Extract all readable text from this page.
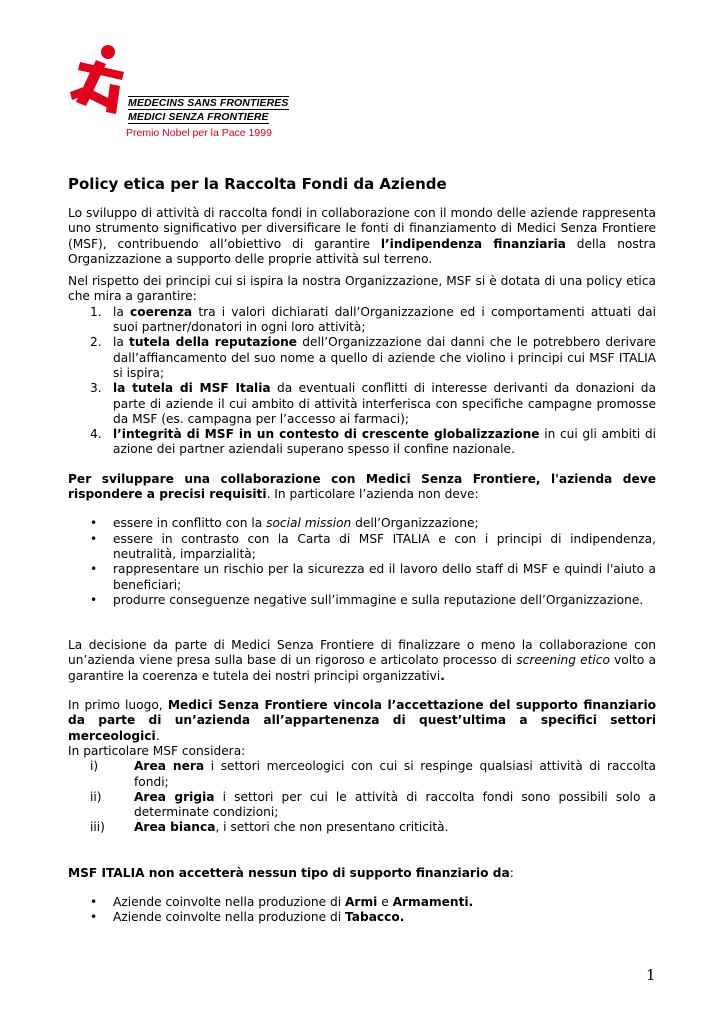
MEDECINS SANS FRONTIERES
MEDICI SENZA FRONTIERE
Premio Nobel per la Pace 1999
Policy etica per la Raccolta Fondi da Aziende

Lo sviluppo di attività di raccolta fondi in collaborazione con il mondo delle aziende rappresenta uno strumento significativo per diversificare le fonti di finanziamento di Medici Senza Frontiere (MSF), contribuendo all’obiettivo di garantire l’indipendenza finanziaria della nostra Organizzazione a supporto delle proprie attività sul terreno.

Nel rispetto dei principi cui si ispira la nostra Organizzazione, MSF si è dotata di una policy etica che mira a garantire:

1. la coerenza tra i valori dichiarati dall’Organizzazione ed i comportamenti attuati dai suoi partner/donatori in ogni loro attività;
2. la tutela della reputazione dell’Organizzazione dai danni che le potrebbero derivare dall’affiancamento del suo nome a quello di aziende che violino i principi cui MSF ITALIA si ispira;
3. la tutela di MSF Italia da eventuali conflitti di interesse derivanti da donazioni da parte di aziende il cui ambito di attività interferisca con specifiche campagne promosse da MSF (es. campagna per l’accesso ai farmaci);
4. l’integrità di MSF in un contesto di crescente globalizzazione in cui gli ambiti di azione dei partner aziendali superano spesso il confine nazionale.

Per sviluppare una collaborazione con Medici Senza Frontiere, l'azienda deve rispondere a precisi requisiti. In particolare l’azienda non deve:

• essere in conflitto con la social mission dell’Organizzazione;
• essere in contrasto con la Carta di MSF ITALIA e con i principi di indipendenza, neutralità, imparzialità;
• rappresentare un rischio per la sicurezza ed il lavoro dello staff di MSF e quindi l'aiuto a beneficiari;
• produrre conseguenze negative sull’immagine e sulla reputazione dell’Organizzazione.

La decisione da parte di Medici Senza Frontiere di finalizzare o meno la collaborazione con un’azienda viene presa sulla base di un rigoroso e articolato processo di screening etico volto a garantire la coerenza e tutela dei nostri principi organizzativi.

In primo luogo, Medici Senza Frontiere vincola l’accettazione del supporto finanziario da parte di un’azienda all’appartenenza di quest’ultima a specifici settori merceologici.

In particolare MSF considera:

i)	Area nera i settori merceologici con cui si respinge qualsiasi attività di raccolta fondi;
ii)	Area grigia i settori per cui le attività di raccolta fondi sono possibili solo a determinate condizioni;
iii) Area bianca, i settori che non presentano criticità.

MSF ITALIA non accetterà nessun tipo di supporto finanziario da:

• Aziende coinvolte nella produzione di Armi e Armamenti.
• Aziende coinvolte nella produzione di Tabacco.
1
